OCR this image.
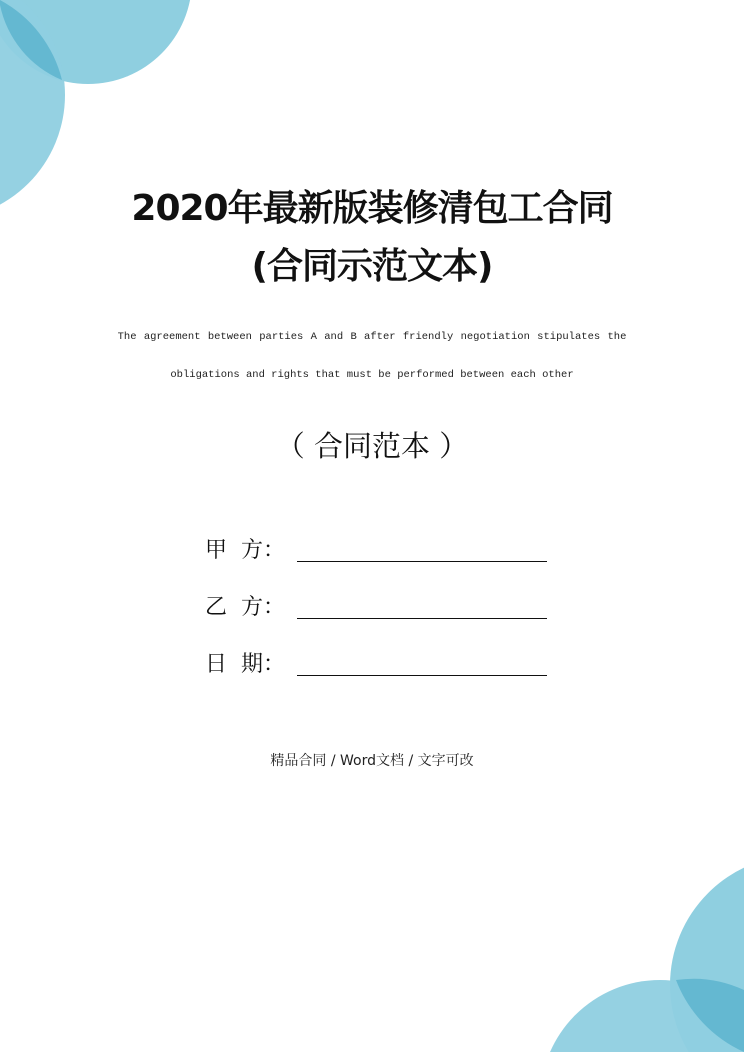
2020年最新版装修清包工合同
(合同示范文本)
The agreement between parties A and B after friendly negotiation stipulates the
obligations and rights that must be performed between each other
（ 合同范本 ）
甲  方：
乙  方：
日  期：
精品合同 / Word文档 / 文字可改
